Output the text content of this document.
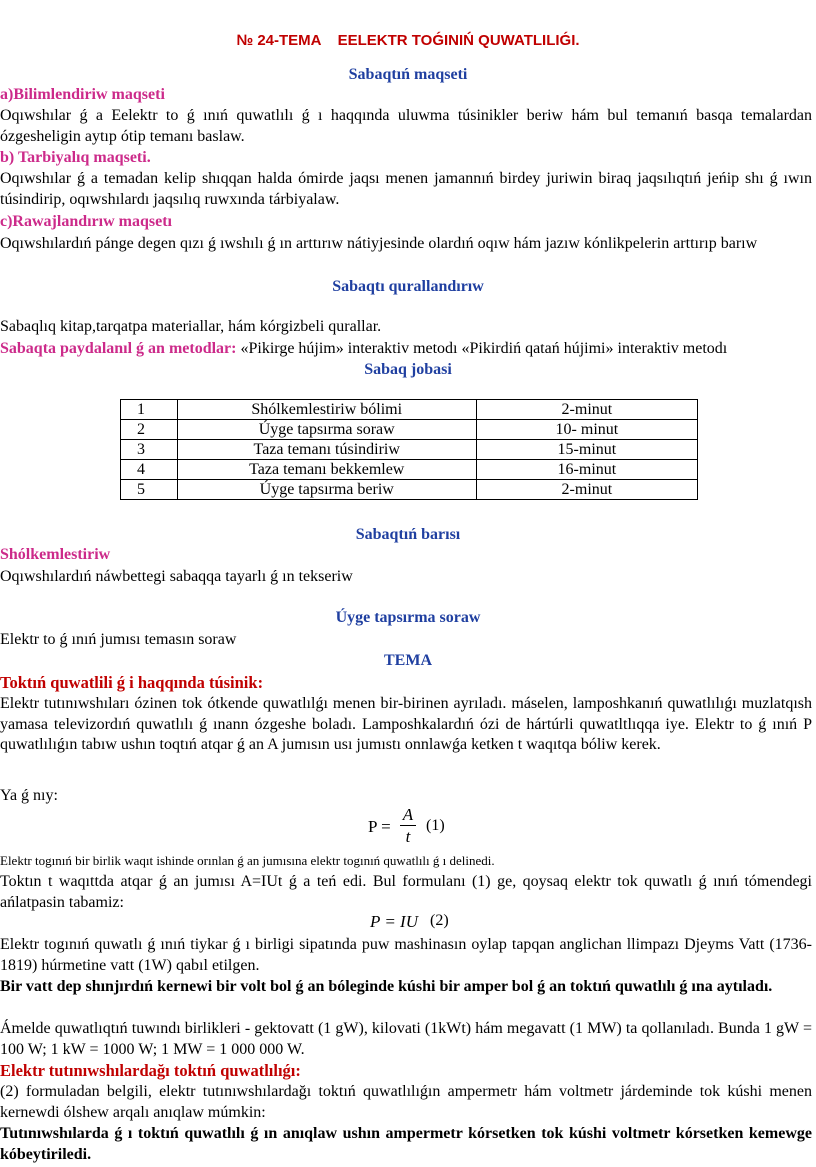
№ 24-TEMA    EELEKTR TOǴINIŃ QUWATLILIǴI.
Sabaqtıń maqseti
a)Bilimlendiriw maqseti

Oqıwshılar ǵ a Eelektr to ǵ ınıń quwatlılı ǵ ı haqqında uluwma túsinikler beriw hám bul temanıń basqa temalardan ózgesheligin aytıp ótip temanı baslaw.

b) Tarbiyalıq maqseti.

Oqıwshılar ǵ a temadan kelip shıqqan halda ómirde jaqsı menen jamannıń birdey juriwin biraq jaqsılıqtıń jeńip shı ǵ ıwın túsindirip, oqıwshılardı jaqsılıq ruwxında tárbiyalaw.

c)Rawajlandırıw maqsetı

Oqıwshılardıń pánge degen qızı ǵ ıwshılı ǵ ın arttırıw nátiyjesinde olardıń oqıw hám jazıw kónlikpelerin arttırıp barıw

Sabaqtı qurallandırıw

Sabaqlıq kitap,tarqatpa materiallar, hám kórgizbeli qurallar.

Sabaqta paydalanıl ǵ an metodlar: «Pikirge hújim» interaktiv metodı «Pikirdiń qatań hújimi» interaktiv metodı

Sabaq jobasi
1	Shólkemlestiriw bólimi	2-minut
2	Úyge tapsırma soraw	10- minut
3	Taza temanı túsindiriw	15-minut
4	Taza temanı bekkemlew	16-minut
5	Úyge tapsırma beriw	2-minut
Sabaqtıń barısı
Shólkemlestiriw

Oqıwshılardıń náwbettegi sabaqqa tayarlı ǵ ın tekseriw

Úyge tapsırma soraw

Elektr to ǵ ınıń jumısı temasın soraw

TEMA
Toktıń quwatlili ǵ i haqqında túsinik:

Elektr tutınıwshıları ózinen tok ótkende quwatlılǵı menen bir-birinen ayrıladı. máselen, lamposhkanıń quwatlılıǵı muzlatqısh yamasa televizordıń quwatlılı ǵ ınann ózgeshe boladı. Lamposhkalardıń ózi de hártúrli quwatltlıqqa iye. Elektr to ǵ ınıń P quwatlılıǵın tabıw ushın toqtıń atqar ǵ an A jumısın usı jumıstı onnlawǵa ketken t waqıtqa bóliw kerek.

Ya ǵ nıy:

P =
A
t
(1)

Elektr togınıń bir birlik waqıt ishinde orınlan ǵ an jumısına elektr togınıń quwatlılı ǵ ı delinedi.

Toktın t waqıttda atqar ǵ an jumısı A=IUt ǵ a teń edi. Bul formulanı (1) ge, qoysaq elektr tok quwatlı ǵ ınıń tómendegi ańlatpasin tabamiz:

P = IU (2)

Elektr togınıń quwatlı ǵ ınıń tiykar ǵ ı birligi sipatında puw mashinasın oylap tapqan anglichan llimpazı Djeyms Vatt (1736-1819) húrmetine vatt (1W) qabıl etilgen.

Bir vatt dep shınjırdıń kernewi bir volt bol ǵ an bóleginde kúshi bir amper bol ǵ an toktıń quwatlılı ǵ ına aytıladı.

Ámelde quwatlıqtıń tuwındı birlikleri - gektovatt (1 gW), kilovati (1kWt) hám megavatt (1 MW) ta qollanıladı. Bunda 1 gW = 100 W; 1 kW = 1000 W; 1 MW = 1 000 000 W.

Elektr tutınıwshılardağı toktıń quwatlılıǵı:

(2) formuladan belgili, elektr tutınıwshılardağı toktıń quwatlılıǵın ampermetr hám voltmetr járdeminde tok kúshi menen kernewdi ólshew arqalı anıqlaw múmkin:

Tutınıwshılarda ǵ ı toktıń quwatlılı ǵ ın anıqlaw ushın ampermetr kórsetken tok kúshi voltmetr kórsetken kemewge kóbeytiriledi.
